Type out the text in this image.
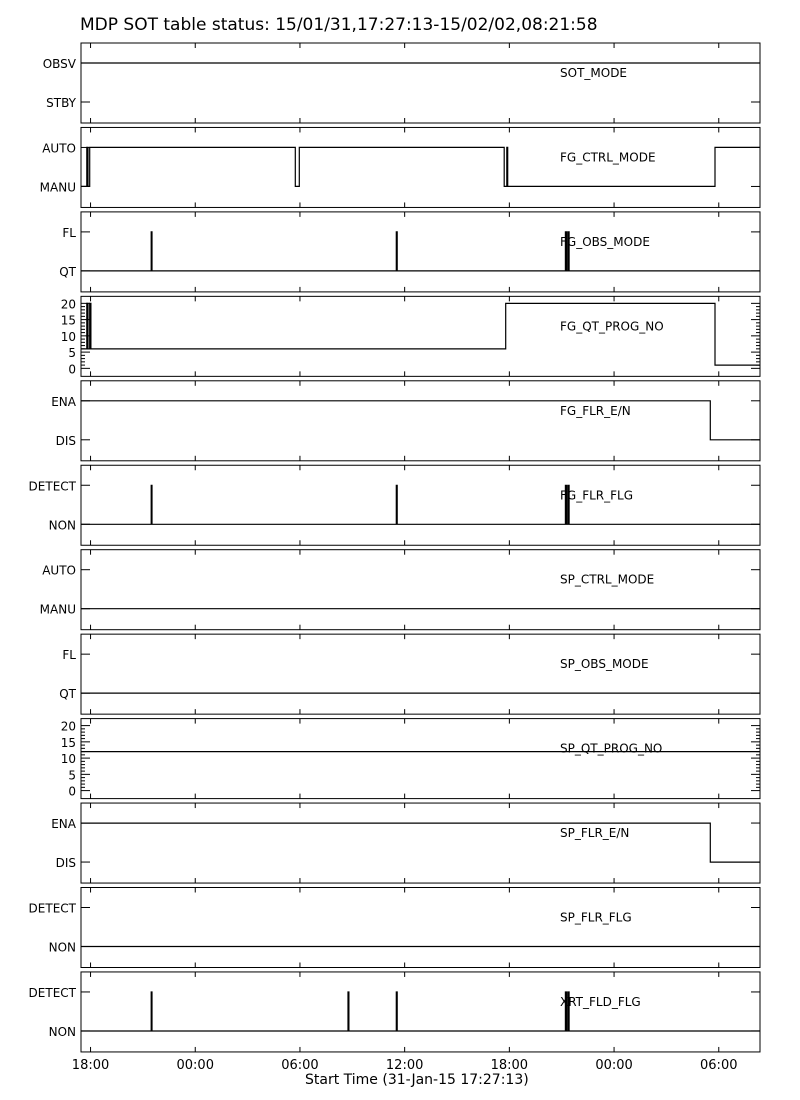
MDP SOT table status: 15/01/31,17:27:13-15/02/02,08:21:58
STBY
OBSV
SOT_MODE
MANU
AUTO
FG_CTRL_MODE
QT
FL
FG_OBS_MODE
0
5
10
15
20
FG_QT_PROG_NO
DIS
ENA
FG_FLR_E/N
NON
DETECT
FG_FLR_FLG
MANU
AUTO
SP_CTRL_MODE
QT
FL
SP_OBS_MODE
0
5
10
15
20
SP_QT_PROG_NO
DIS
ENA
SP_FLR_E/N
NON
DETECT
SP_FLR_FLG
NON
DETECT
XRT_FLD_FLG
18:00	00:00	06:00	12:00	18:00	00:00	06:00
Start Time (31-Jan-15 17:27:13)
